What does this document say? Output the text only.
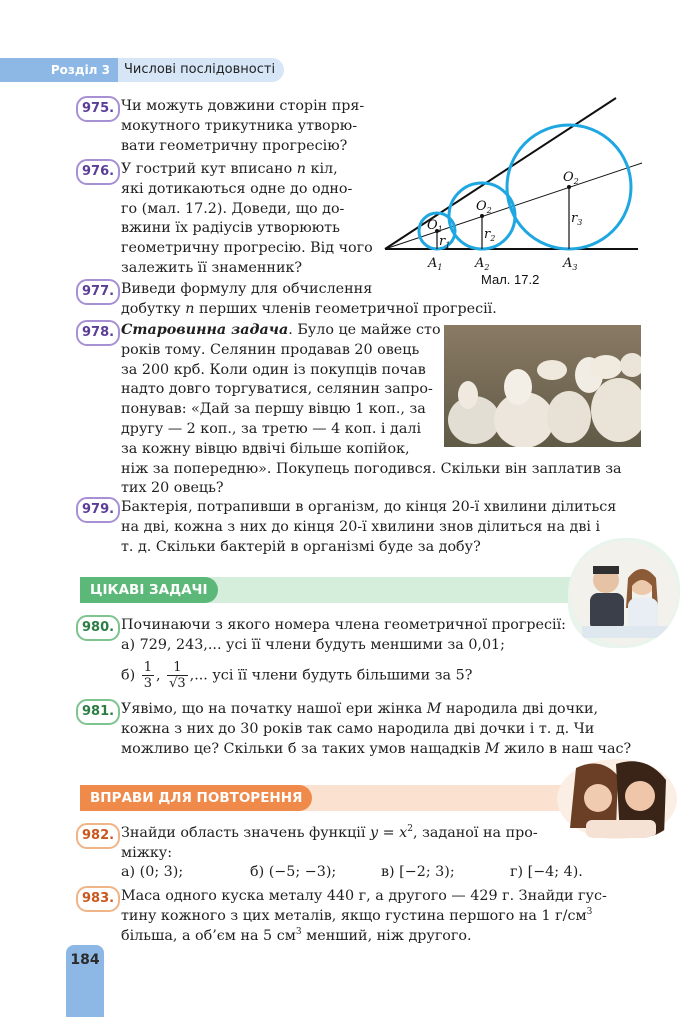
Розділ 3	Числові послідовності
975. Чи можуть довжини сторін пря-
мокутного трикутника утворю-
вати геометричну прогресію?
976. У гострий кут вписано n кіл,
які дотикаються одне до одно-
го (мал. 17.2). Доведи, що до-
вжини їх радіусів утворюють
геометричну прогресію. Від чого
залежить її знаменник?
$O_1$
$O_2$
$O_2$
$r_1$
$r_2$
$r_3$
$A_1$	$A_2$	$A_3$
Мал. 17.2
977. Виведи формулу для обчислення
добутку n перших членів геометричної прогресії.
978. Старовинна задача. Було це майже сто
років тому. Селянин продавав 20 овець
за 200 крб. Коли один із покупців почав
надто довго торгуватися, селянин запро-
понував: «Дай за першу вівцю 1 коп., за
другу — 2 коп., за третю — 4 коп. і далі
за кожну вівцю вдвічі більше копійок,
ніж за попередню». Покупець погодився. Скільки він заплатив за
тих 20 овець?
979. Бактерія, потрапивши в організм, до кінця 20-ї хвилини ділиться
на дві, кожна з них до кінця 20-ї хвилини знов ділиться на дві і
т. д. Скільки бактерій в організмі буде за добу?
ЦІКАВІ ЗАДАЧІ
980. Починаючи з якого номера члена геометричної прогресії:
а) 729, 243,... усі її члени будуть меншими за 0,01;
$б) \frac{1}{3}$ , $\frac{1}{√3}$ ,... усі її члени будуть більшими за 5?
981. Уявімо, що на початку нашої ери жінка M народила дві дочки,
кожна з них до 30 років так само народила дві дочки і т. д. Чи
можливо це? Скільки б за таких умов нащадків M жило в наш час?
ВПРАВИ ДЛЯ ПОВТОРЕННЯ
982. Знайди область значень функції $y = x^2$, заданої на про-
міжку:
а) (0; 3);	б) (−5; −3);	в) [−2; 3);	г) [−4; 4).
983. Маса одного куска металу 440 г, а другого — 429 г. Знайди гус-
тину кожного з цих металів, якщо густина першого на 1 $г/см^3$
більша, а об’єм на 5 $см^3$ менший, ніж другого.
184
